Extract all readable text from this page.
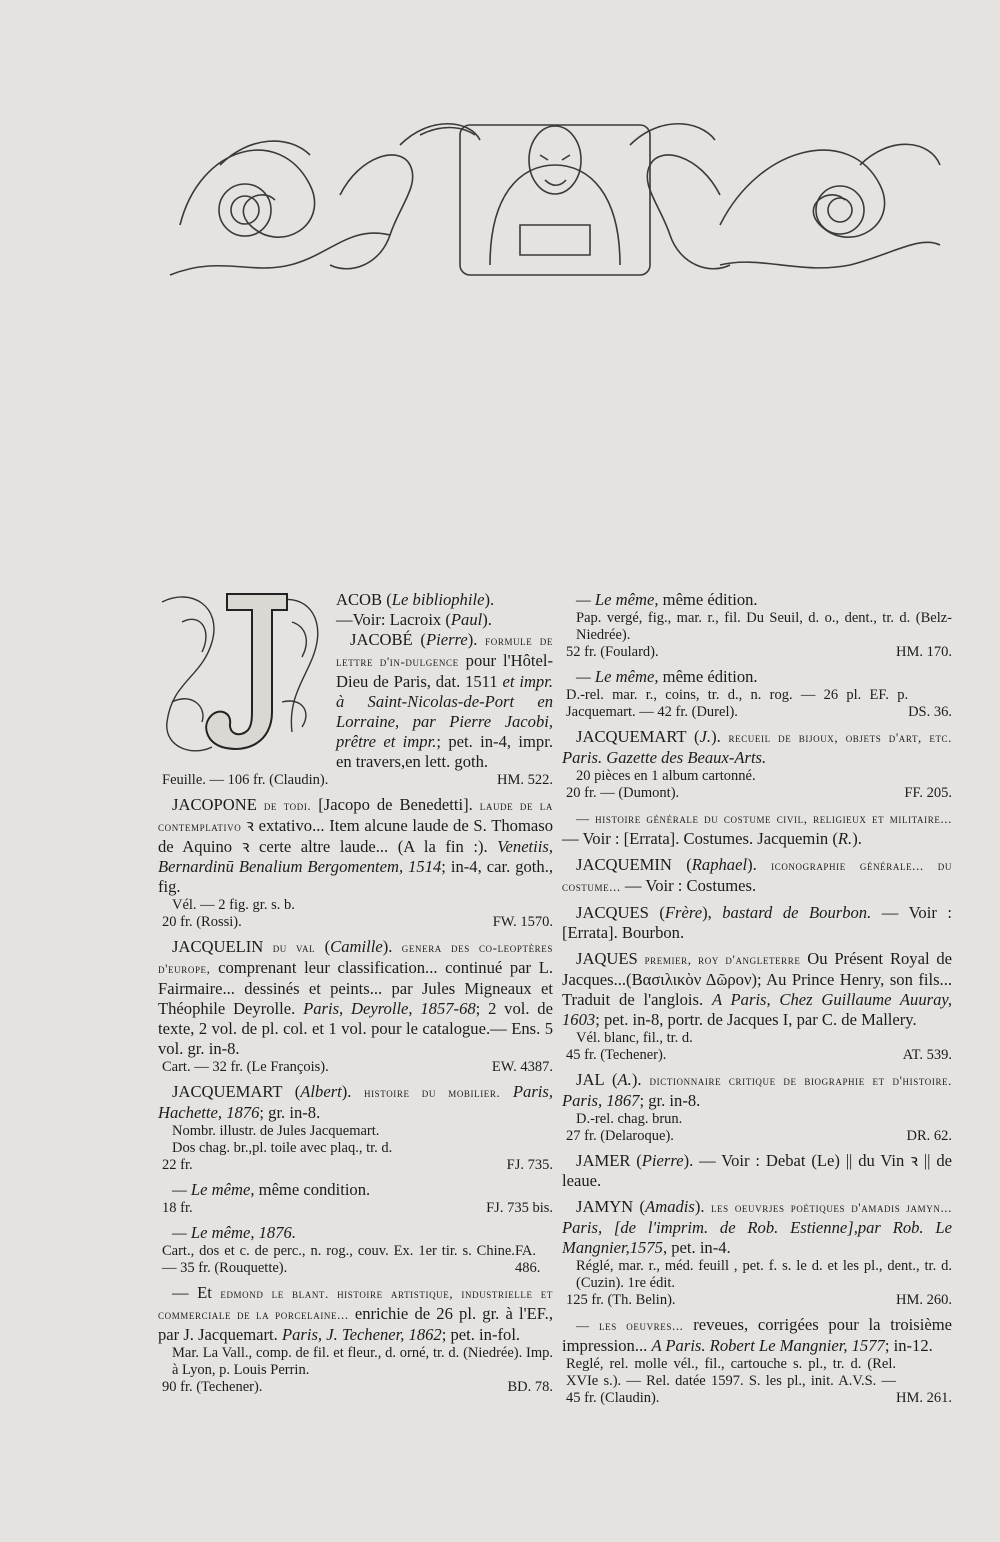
ACOB (Le bibliophile).
—Voir: Lacroix (Paul).
JACOBÉ (Pierre). formule de lettre d'in-dulgence pour l'Hôtel-Dieu de Paris, dat. 1511 et impr. à Saint-Nicolas-de-Port en Lorraine, par Pierre Jacobi, prêtre et impr.; pet. in-4, impr. en travers,en lett. goth.
Feuille. — 106 fr. (Claudin).	HM. 522.
JACOPONE de todi. [Jacopo de Benedetti]. laude de la contemplativo ꝛ extativo... Item alcune laude de S. Thomaso de Aquino ꝛ certe altre laude... (A la fin :). Venetiis, Bernardinū Benalium Bergomentem, 1514; in-4, car. goth., fig.
Vél. — 2 fig. gr. s. b.
20 fr. (Rossi).	FW. 1570.
JACQUELIN du val (Camille). genera des co-leoptères d'europe, comprenant leur classification... continué par L. Fairmaire... dessinés et peints... par Jules Migneaux et Théophile Deyrolle. Paris, Deyrolle, 1857-68; 2 vol. de texte, 2 vol. de pl. col. et 1 vol. pour le catalogue.— Ens. 5 vol. gr. in-8.
Cart. — 32 fr. (Le François).	EW. 4387.
JACQUEMART (Albert). histoire du mobilier. Paris, Hachette, 1876; gr. in-8.
Nombr. illustr. de Jules Jacquemart.
Dos chag. br.,pl. toile avec plaq., tr. d.
22 fr.	FJ. 735.
— Le même, même condition.
18 fr.	FJ. 735 bis.
— Le même, 1876.
Cart., dos et c. de perc., n. rog., couv. Ex. 1er tir. s. Chine. — 35 fr. (Rouquette).
FA. 486.
— Et edmond le blant. histoire artistique, industrielle et commerciale de la porcelaine... enrichie de 26 pl. gr. à l'EF., par J. Jacquemart. Paris, J. Techener, 1862; pet. in-fol.
Mar. La Vall., comp. de fil. et fleur., d. orné, tr. d. (Niedrée). Imp. à Lyon, p. Louis Perrin.
90 fr. (Techener).	BD. 78.
— Le même, même édition.
Pap. vergé, fig., mar. r., fil. Du Seuil, d. o., dent., tr. d. (Belz-Niedrée).
52 fr. (Foulard).	HM. 170.
— Le même, même édition.
D.-rel. mar. r., coins, tr. d., n. rog. — 26 pl. EF. p. Jacquemart. — 42 fr. (Durel).	DS. 36.
JACQUEMART (J.). recueil de bijoux, objets d'art, etc. Paris. Gazette des Beaux-Arts.
20 pièces en 1 album cartonné.
20 fr. — (Dumont).	FF. 205.
— histoire générale du costume civil, religieux et militaire... — Voir : [Errata]. Costumes. Jacquemin (R.).
JACQUEMIN (Raphael). iconographie générale... du costume... — Voir : Costumes.
JACQUES (Frère), bastard de Bourbon. — Voir : [Errata]. Bourbon.
JAQUES premier, roy d'angleterre Ou Présent Royal de Jacques...(Βασιλικὸν Δῶρον); Au Prince Henry, son fils... Traduit de l'anglois. A Paris, Chez Guillaume Auuray, 1603; pet. in-8, portr. de Jacques I, par C. de Mallery.
Vél. blanc, fil., tr. d.
45 fr. (Techener).	AT. 539.
JAL (A.). dictionnaire critique de biographie et d'histoire. Paris, 1867; gr. in-8.
D.-rel. chag. brun.
27 fr. (Delaroque).	DR. 62.
JAMER (Pierre). — Voir : Debat (Le) || du Vin ꝛ || de leaue.
JAMYN (Amadis). les oeuvrjes poétiques d'amadis jamyn... Paris, [de l'imprim. de Rob. Estienne],par Rob. Le Mangnier,1575, pet. in-4.
Réglé, mar. r., méd. feuill , pet. f. s. le d. et les pl., dent., tr. d. (Cuzin). 1re édit.
125 fr. (Th. Belin).	HM. 260.
— les oeuvres... reveues, corrigées pour la troisième impression... A Paris. Robert Le Mangnier, 1577; in-12.
Reglé, rel. molle vél., fil., cartouche s. pl., tr. d. (Rel. XVIe s.). — Rel. datée 1597. S. les pl., init. A.V.S. — 45 fr. (Claudin).	HM. 261.
